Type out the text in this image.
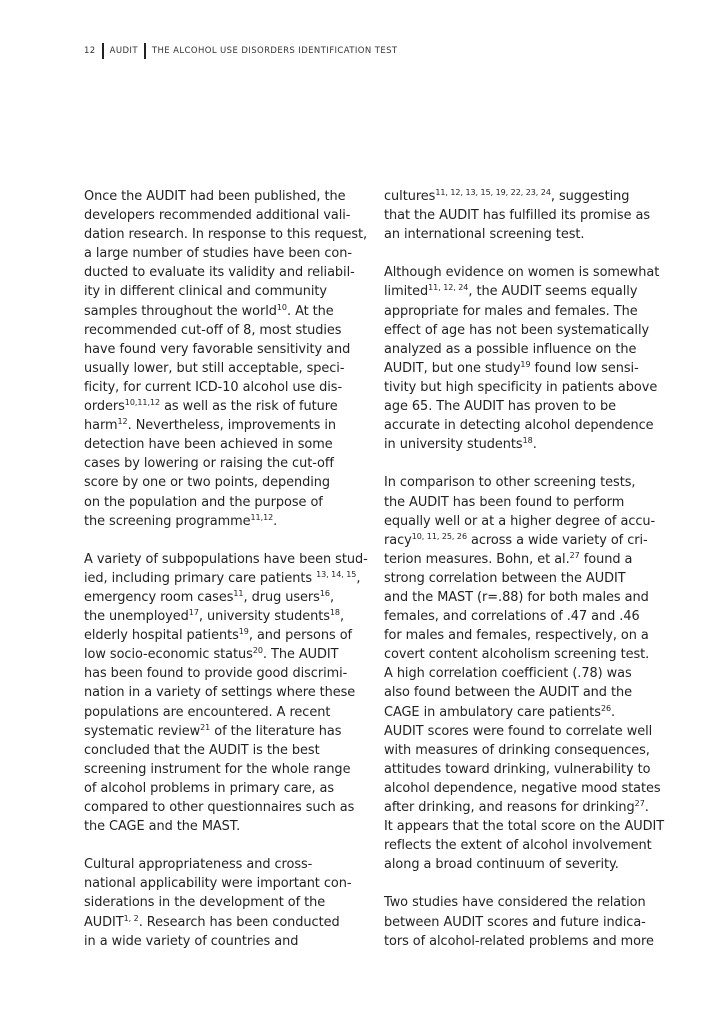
12 AUDIT THE ALCOHOL USE DISORDERS IDENTIFICATION TEST

Once the AUDIT had been published, the
developers recommended additional vali-
dation research. In response to this request,
a large number of studies have been con-
ducted to evaluate its validity and reliabil-
ity in different clinical and community
samples throughout the world$^{10}$. At the
recommended cut-off of 8, most studies
have found very favorable sensitivity and
usually lower, but still acceptable, speci-
ficity, for current ICD-10 alcohol use dis-
orders$^{10,11,12}$ as well as the risk of future
harm$^{12}$. Nevertheless, improvements in
detection have been achieved in some
cases by lowering or raising the cut-off
score by one or two points, depending
on the population and the purpose of
the screening programme$^{11,12}$.

A variety of subpopulations have been stud-
ied, including primary care patients $^{13, 14, 15}$,
emergency room cases$^{11}$, drug users$^{16}$,
the unemployed$^{17}$, university students$^{18}$,
elderly hospital patients$^{19}$, and persons of
low socio-economic status$^{20}$. The AUDIT
has been found to provide good discrimi-
nation in a variety of settings where these
populations are encountered. A recent
systematic review$^{21}$ of the literature has
concluded that the AUDIT is the best
screening instrument for the whole range
of alcohol problems in primary care, as
compared to other questionnaires such as
the CAGE and the MAST.

Cultural appropriateness and cross-
national applicability were important con-
siderations in the development of the
AUDIT$^{1, 2}$. Research has been conducted
in a wide variety of countries and

cultures$^{11, 12, 13, 15, 19, 22, 23, 24}$, suggesting
that the AUDIT has fulfilled its promise as
an international screening test.

Although evidence on women is somewhat
limited$^{11, 12, 24}$, the AUDIT seems equally
appropriate for males and females. The
effect of age has not been systematically
analyzed as a possible influence on the
AUDIT, but one study$^{19}$ found low sensi-
tivity but high specificity in patients above
age 65. The AUDIT has proven to be
accurate in detecting alcohol dependence
in university students$^{18}$.

In comparison to other screening tests,
the AUDIT has been found to perform
equally well or at a higher degree of accu-
racy$^{10, 11, 25, 26}$ across a wide variety of cri-
terion measures. Bohn, et al.$^{27}$ found a
strong correlation between the AUDIT
and the MAST (r=.88) for both males and
females, and correlations of .47 and .46
for males and females, respectively, on a
covert content alcoholism screening test.
A high correlation coefficient (.78) was
also found between the AUDIT and the
CAGE in ambulatory care patients$^{26}$.
AUDIT scores were found to correlate well
with measures of drinking consequences,
attitudes toward drinking, vulnerability to
alcohol dependence, negative mood states
after drinking, and reasons for drinking$^{27}$.
It appears that the total score on the AUDIT
reflects the extent of alcohol involvement
along a broad continuum of severity.

Two studies have considered the relation
between AUDIT scores and future indica-
tors of alcohol-related problems and more
